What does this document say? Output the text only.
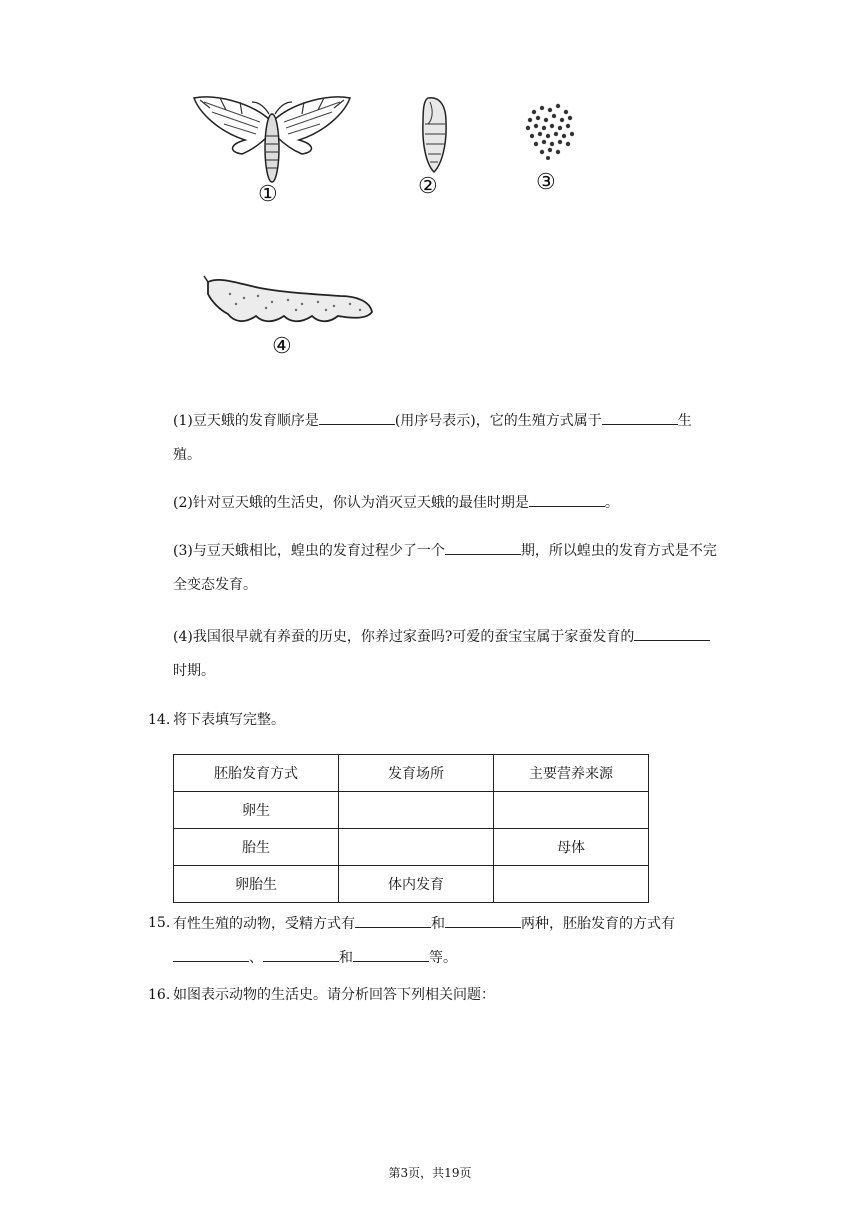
①	②	③
④
(1)豆天蛾的发育顺序是	(用序号表示)，它的生殖方式属于	生殖。
(2)针对豆天蛾的生活史，你认为消灭豆天蛾的最佳时期是	。
(3)与豆天蛾相比，蝗虫的发育过程少了一个	期，所以蝗虫的发育方式是不完全变态发育。
(4)我国很早就有养蚕的历史，你养过家蚕吗?可爱的蚕宝宝属于家蚕发育的时期。
14. 将下表填写完整。
胚胎发育方式	发育场所	主要营养来源
卵生		
胎生		母体
卵胎生	体内发育	
15. 有性生殖的动物，受精方式有	和	两种，胚胎发育的方式有
、	和	等。
16. 如图表示动物的生活史。请分析回答下列相关问题：
第3页，共19页
